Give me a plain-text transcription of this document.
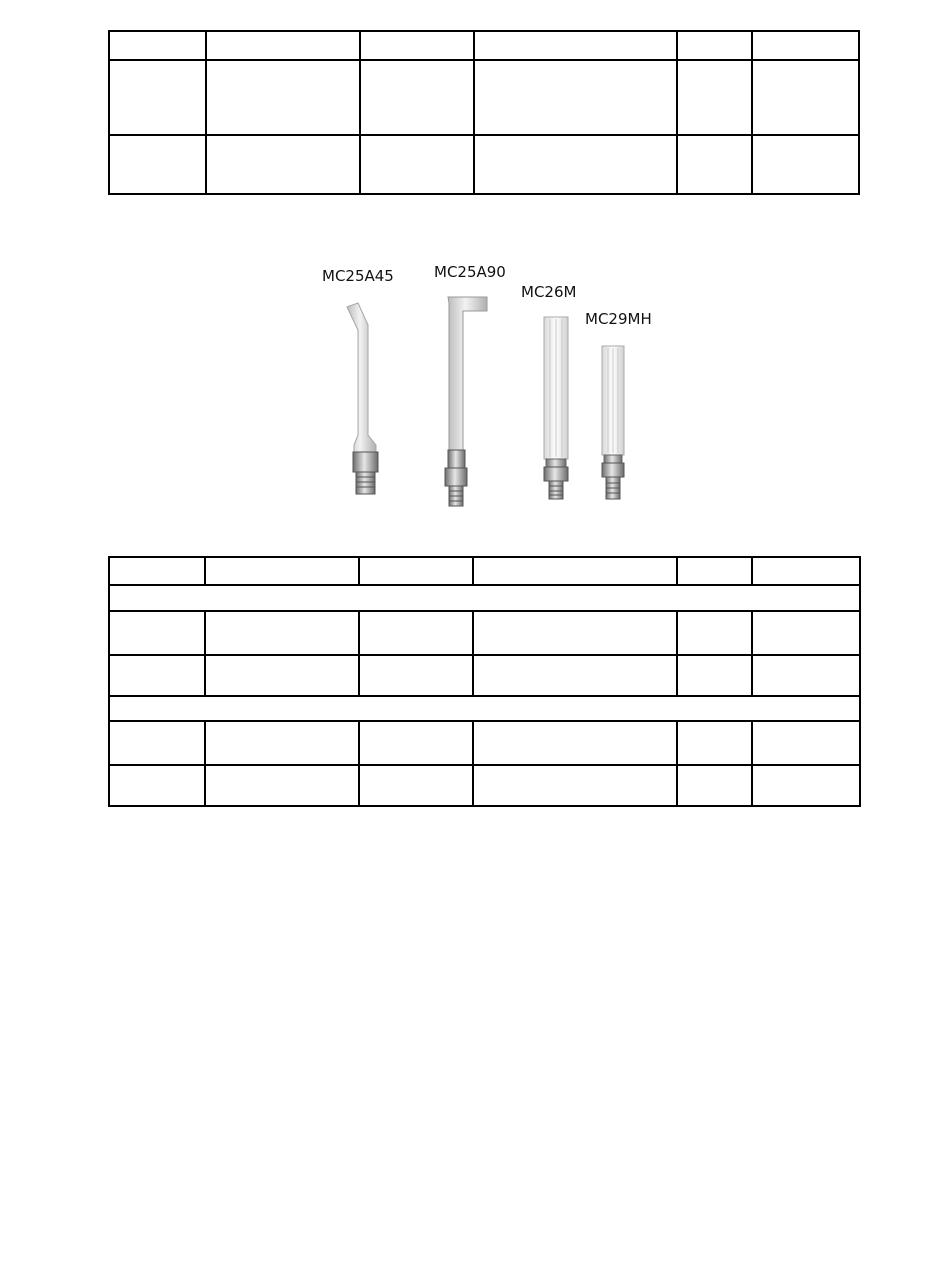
MC25A45	MC25A90
MC26M
MC29MH
